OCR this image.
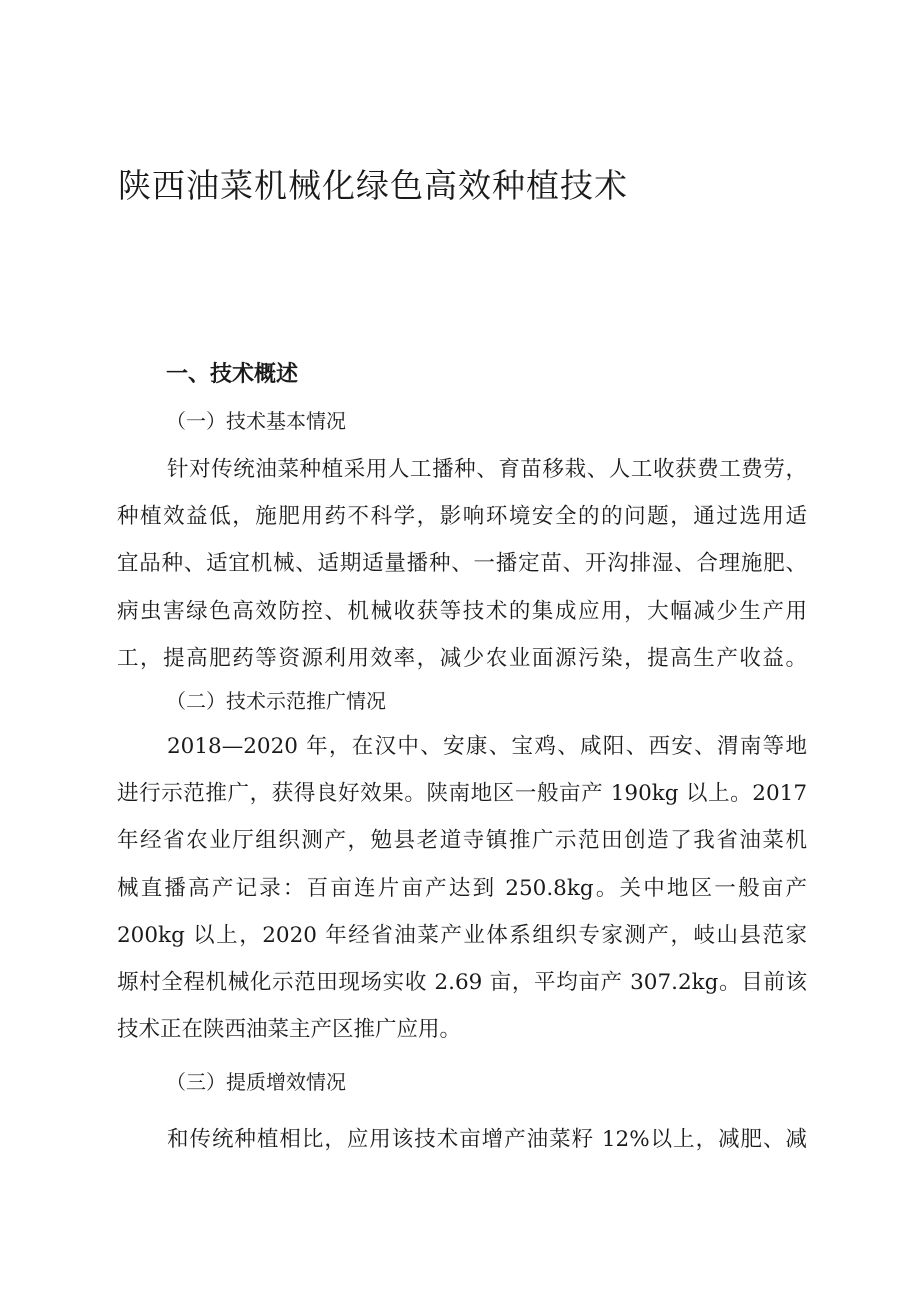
陕西油菜机械化绿色高效种植技术
一、技术概述
（一）技术基本情况
针对传统油菜种植采用人工播种、育苗移栽、人工收获费工费劳，
种植效益低，施肥用药不科学，影响环境安全的的问题，通过选用适
宜品种、适宜机械、适期适量播种、一播定苗、开沟排湿、合理施肥、
病虫害绿色高效防控、机械收获等技术的集成应用，大幅减少生产用
工，提高肥药等资源利用效率，减少农业面源污染，提高生产收益。
（二）技术示范推广情况
2018—2020 年，在汉中、安康、宝鸡、咸阳、西安、渭南等地
进行示范推广，获得良好效果。陕南地区一般亩产 190kg 以上。2017
年经省农业厅组织测产，勉县老道寺镇推广示范田创造了我省油菜机
械直播高产记录：百亩连片亩产达到 250.8kg。关中地区一般亩产
200kg 以上，2020 年经省油菜产业体系组织专家测产，岐山县范家
塬村全程机械化示范田现场实收 2.69 亩，平均亩产 307.2kg。目前该
技术正在陕西油菜主产区推广应用。
（三）提质增效情况
和传统种植相比，应用该技术亩增产油菜籽 12%以上，减肥、减
